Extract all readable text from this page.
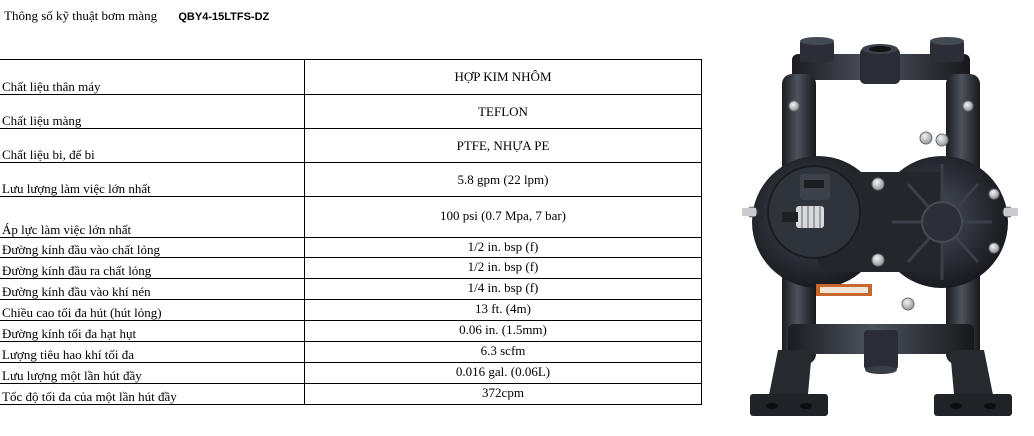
Thông số kỹ thuật bơm màng QBY4-15LTFS-DZ
Chất liệu thân máy	HỢP KIM NHÔM
Chất liệu màng	TEFLON
Chất liệu bi, đế bi	PTFE, NHỰA PE
Lưu lượng làm việc lớn nhất	5.8 gpm (22 lpm)
Áp lực làm việc lớn nhất	100 psi (0.7 Mpa, 7 bar)
Đường kính đầu vào chất lỏng	1/2 in. bsp (f)
Đường kính đầu ra chất lỏng	1/2 in. bsp (f)
Đường kính đầu vào khí nén	1/4 in. bsp (f)
Chiều cao tối đa hút (hút lỏng)	13 ft. (4m)
Đường kính tối đa hạt hụt	0.06 in. (1.5mm)
Lượng tiêu hao khí tối đa	6.3 scfm
Lưu lượng một lần hút đầy	0.016 gal. (0.06L)
Tốc độ tối đa của một lần hút đầy	372cpm
